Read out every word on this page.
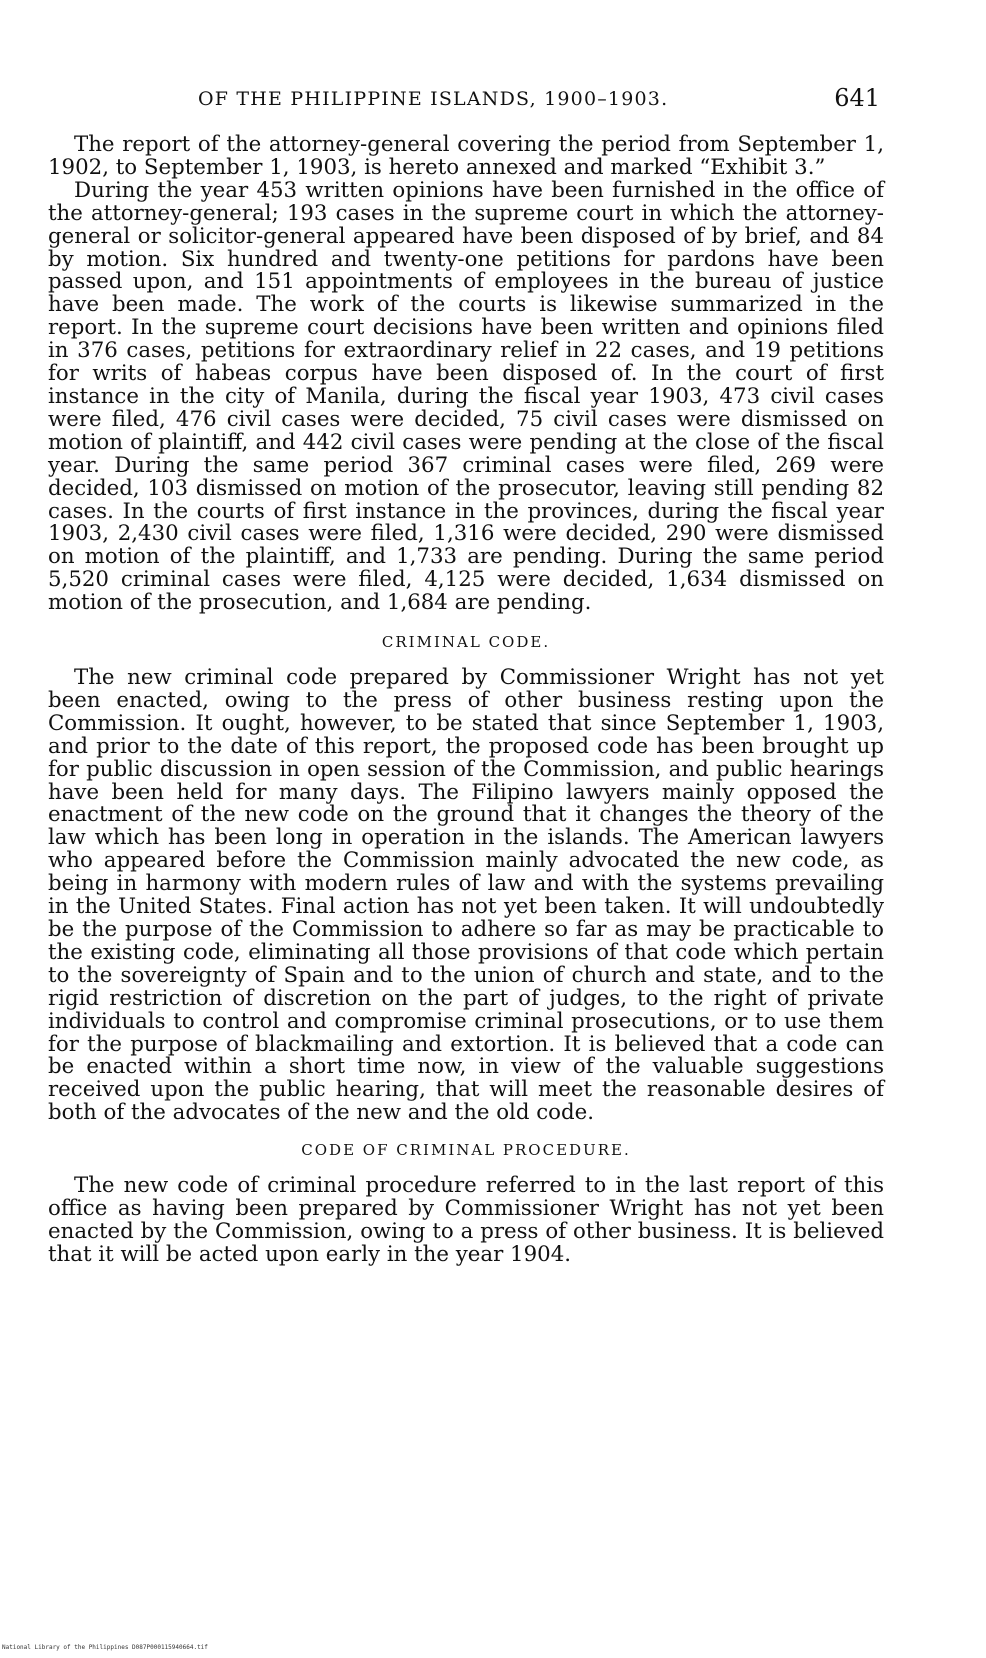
OF THE PHILIPPINE ISLANDS, 1900–1903.	641

The report of the attorney-general covering the period from September 1, 1902, to September 1, 1903, is hereto annexed and marked “Exhibit 3.”

During the year 453 written opinions have been furnished in the office of the attorney-general; 193 cases in the supreme court in which the attorney-general or solicitor-general appeared have been disposed of by brief, and 84 by motion. Six hundred and twenty-one petitions for pardons have been passed upon, and 151 appointments of employees in the bureau of justice have been made. The work of the courts is likewise summarized in the report. In the supreme court decisions have been written and opinions filed in 376 cases, petitions for extraordinary relief in 22 cases, and 19 petitions for writs of habeas corpus have been disposed of. In the court of first instance in the city of Manila, during the fiscal year 1903, 473 civil cases were filed, 476 civil cases were decided, 75 civil cases were dismissed on motion of plaintiff, and 442 civil cases were pending at the close of the fiscal year. During the same period 367 criminal cases were filed, 269 were decided, 103 dismissed on motion of the prosecutor, leaving still pending 82 cases. In the courts of first instance in the provinces, during the fiscal year 1903, 2,430 civil cases were filed, 1,316 were decided, 290 were dismissed on motion of the plaintiff, and 1,733 are pending. During the same period 5,520 criminal cases were filed, 4,125 were decided, 1,634 dismissed on motion of the prosecution, and 1,684 are pending.

CRIMINAL CODE.

The new criminal code prepared by Commissioner Wright has not yet been enacted, owing to the press of other business resting upon the Commission. It ought, however, to be stated that since September 1, 1903, and prior to the date of this report, the proposed code has been brought up for public discussion in open session of the Commission, and public hearings have been held for many days. The Filipino lawyers mainly opposed the enactment of the new code on the ground that it changes the theory of the law which has been long in operation in the islands. The American lawyers who appeared before the Commission mainly advocated the new code, as being in harmony with modern rules of law and with the systems prevailing in the United States. Final action has not yet been taken. It will undoubtedly be the purpose of the Commission to adhere so far as may be practicable to the existing code, eliminating all those provisions of that code which pertain to the sovereignty of Spain and to the union of church and state, and to the rigid restriction of discretion on the part of judges, to the right of private individuals to control and compromise criminal prosecutions, or to use them for the purpose of blackmailing and extortion. It is believed that a code can be enacted within a short time now, in view of the valuable suggestions received upon the public hearing, that will meet the reasonable desires of both of the advocates of the new and the old code.

CODE OF CRIMINAL PROCEDURE.

The new code of criminal procedure referred to in the last report of this office as having been prepared by Commissioner Wright has not yet been enacted by the Commission, owing to a press of other business. It is believed that it will be acted upon early in the year 1904.

National Library of the Philippines D087P000115940664.tif
